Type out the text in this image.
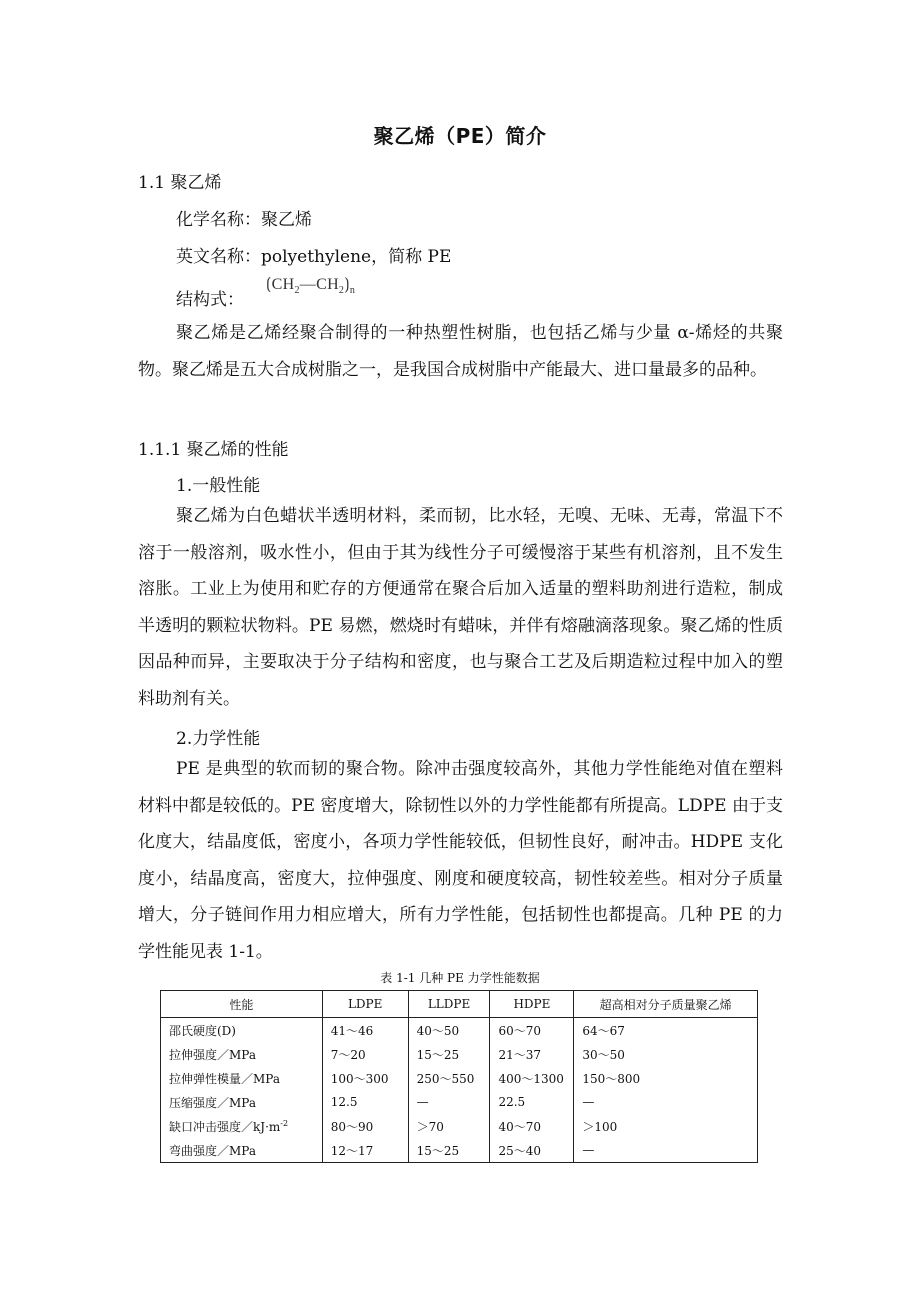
聚乙烯（PE）简介
1.1 聚乙烯
化学名称：聚乙烯
英文名称：polyethylene，简称 PE
结构式：
$⟮CH_2—CH_2⟯_n$

聚乙烯是乙烯经聚合制得的一种热塑性树脂，也包括乙烯与少量 α-烯烃的共聚物。聚乙烯是五大合成树脂之一，是我国合成树脂中产能最大、进口量最多的品种。

1.1.1 聚乙烯的性能
1.一般性能

聚乙烯为白色蜡状半透明材料，柔而韧，比水轻，无嗅、无味、无毒，常温下不溶于一般溶剂，吸水性小，但由于其为线性分子可缓慢溶于某些有机溶剂，且不发生溶胀。工业上为使用和贮存的方便通常在聚合后加入适量的塑料助剂进行造粒，制成半透明的颗粒状物料。PE 易燃，燃烧时有蜡味，并伴有熔融滴落现象。聚乙烯的性质因品种而异，主要取决于分子结构和密度，也与聚合工艺及后期造粒过程中加入的塑料助剂有关。

2.力学性能

PE 是典型的软而韧的聚合物。除冲击强度较高外，其他力学性能绝对值在塑料材料中都是较低的。PE 密度增大，除韧性以外的力学性能都有所提高。LDPE 由于支化度大，结晶度低，密度小，各项力学性能较低，但韧性良好，耐冲击。HDPE 支化度小，结晶度高，密度大，拉伸强度、刚度和硬度较高，韧性较差些。相对分子质量增大，分子链间作用力相应增大，所有力学性能，包括韧性也都提高。几种 PE 的力学性能见表 1-1。

表 1-1 几种 PE 力学性能数据
性能	LDPE	LLDPE	HDPE	超高相对分子质量聚乙烯
邵氏硬度(D)	41～46	40～50	60～70	64～67
拉伸强度／MPa	7～20	15～25	21～37	30～50
拉伸弹性模量／MPa	100～300	250～550	400～1300	150～800
压缩强度／MPa	12.5	—	22.5	—
缺口冲击强度$/kJ\cdot m^{-2}$	80～90	＞70	40～70	＞100
弯曲强度／MPa	12～17	15～25	25～40	—
